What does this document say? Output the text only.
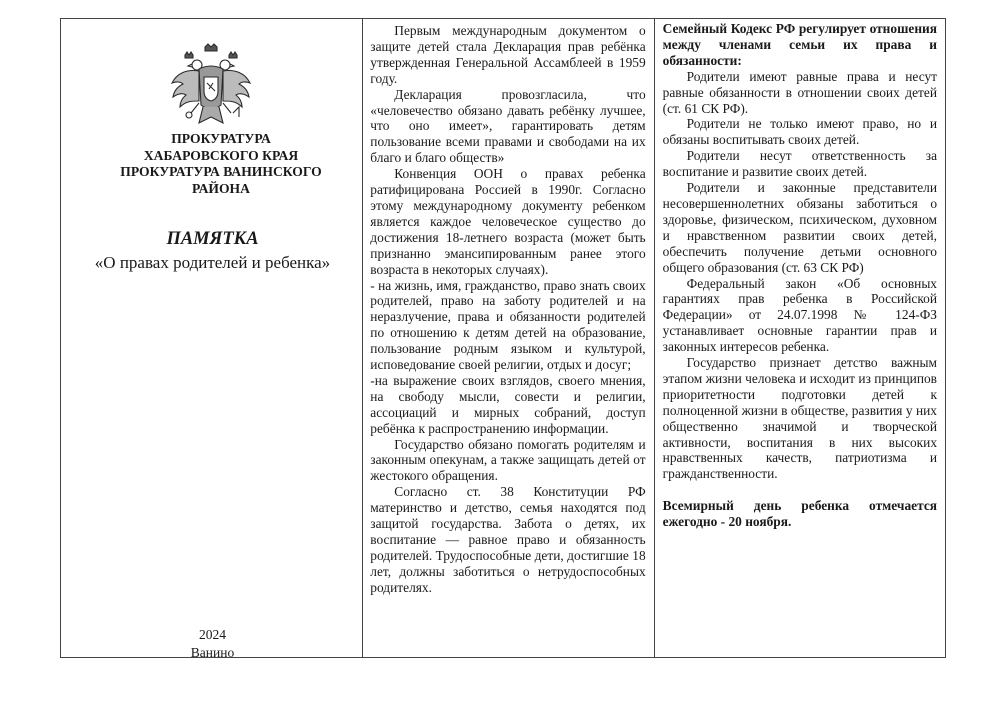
ПРОКУРАТУРА
ХАБАРОВСКОГО КРАЯ
ПРОКУРАТУРА ВАНИНСКОГО
РАЙОНА
ПАМЯТКА
«О правах родителей и ребенка»
2024
Ванино

Первым международным документом о защите детей стала Декларация прав ребёнка утвержденная Генеральной Ассамблеей в 1959 году.

Декларация провозгласила, что «человечество обязано давать ребёнку лучшее, что оно имеет», гарантировать детям пользование всеми правами и свободами на их благо и благо обществ»

Конвенция ООН о правах ребенка ратифицирована Россией в 1990г. Согласно этому международному документу ребенком является каждое человеческое существо до достижения 18-летнего возраста (может быть признанно эмансипированным ранее этого возраста в некоторых случаях).

- на жизнь, имя, гражданство, право знать своих родителей, право на заботу родителей и на неразлучение, права и обязанности родителей по отношению к детям детей на образование, пользование родным языком и культурой, исповедование своей религии, отдых и досуг;

-на выражение своих взглядов, своего мнения, на свободу мысли, совести и религии, ассоциаций и мирных собраний, доступ ребёнка к распространению информации.

Государство обязано помогать родителям и законным опекунам, а также защищать детей от жестокого обращения.

Согласно ст. 38 Конституции РФ материнство и детство, семья находятся под защитой государства. Забота о детях, их воспитание — равное право и обязанность родителей. Трудоспособные дети, достигшие 18 лет, должны заботиться о нетрудоспособных родителях.

Семейный Кодекс РФ регулирует отношения между членами семьи их права и обязанности:

Родители имеют равные права и несут равные обязанности в отношении своих детей (ст. 61 СК РФ).

Родители не только имеют право, но и обязаны воспитывать своих детей.

Родители несут ответственность за воспитание и развитие своих детей.

Родители и законные представители несовершеннолетних обязаны заботиться о здоровье, физическом, психическом, духовном и нравственном развитии своих детей, обеспечить получение детьми основного общего образования (ст. 63 СК РФ)

Федеральный закон «Об основных гарантиях прав ребенка в Российской Федерации» от 24.07.1998 № 124-ФЗ устанавливает основные гарантии прав и законных интересов ребенка.

Государство признает детство важным этапом жизни человека и исходит из принципов приоритетности подготовки детей к полноценной жизни в обществе, развития у них общественно значимой и творческой активности, воспитания в них высоких нравственных качеств, патриотизма и гражданственности.

Всемирный день ребенка отмечается ежегодно - 20 ноября.
